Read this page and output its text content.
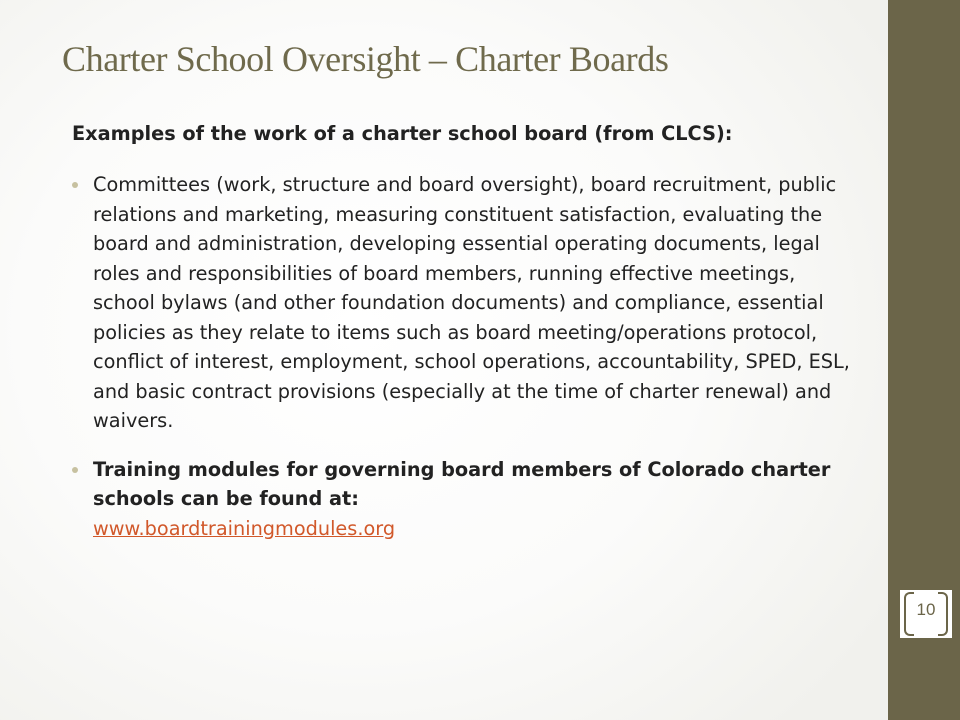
Charter School Oversight – Charter Boards

Examples of the work of a charter school board (from CLCS):

Committees (work, structure and board oversight), board recruitment, public relations and marketing, measuring constituent satisfaction, evaluating the board and administration, developing essential operating documents, legal roles and responsibilities of board members, running effective meetings, school bylaws (and other foundation documents) and compliance, essential policies as they relate to items such as board meeting/operations protocol, conflict of interest, employment, school operations, accountability, SPED, ESL, and basic contract provisions (especially at the time of charter renewal) and waivers.
Training modules for governing board members of Colorado charter schools can be found at:
www.boardtrainingmodules.org
10
